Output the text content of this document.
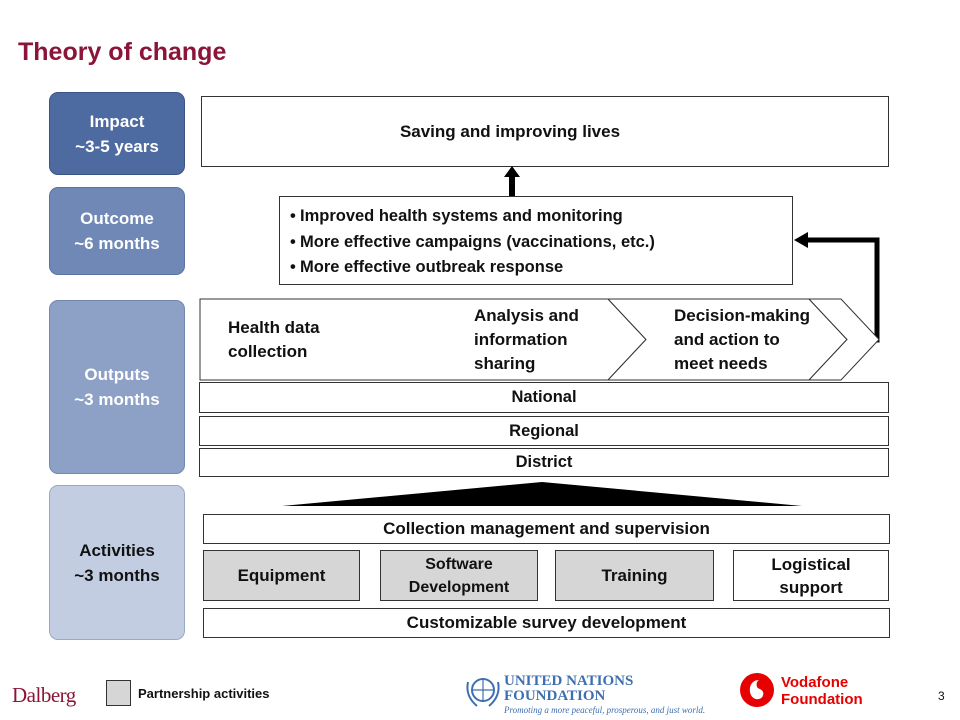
Theory of change
Impact
~3-5 years
Outcome
~6 months
Outputs
~3 months
Activities
~3 months
Saving and improving lives
• Improved health systems and monitoring
• More effective campaigns (vaccinations, etc.)
• More effective outbreak response
Health data
collection
Analysis and
information
sharing
Decision-making
and action to
meet needs
National
Regional
District
Collection management and supervision
Equipment
Software
Development
Training
Logistical
support
Customizable survey development
Dalberg	Partnership activities
UNITED NATIONS
FOUNDATION
Promoting a more peaceful, prosperous, and just world.
Vodafone
Foundation	3
